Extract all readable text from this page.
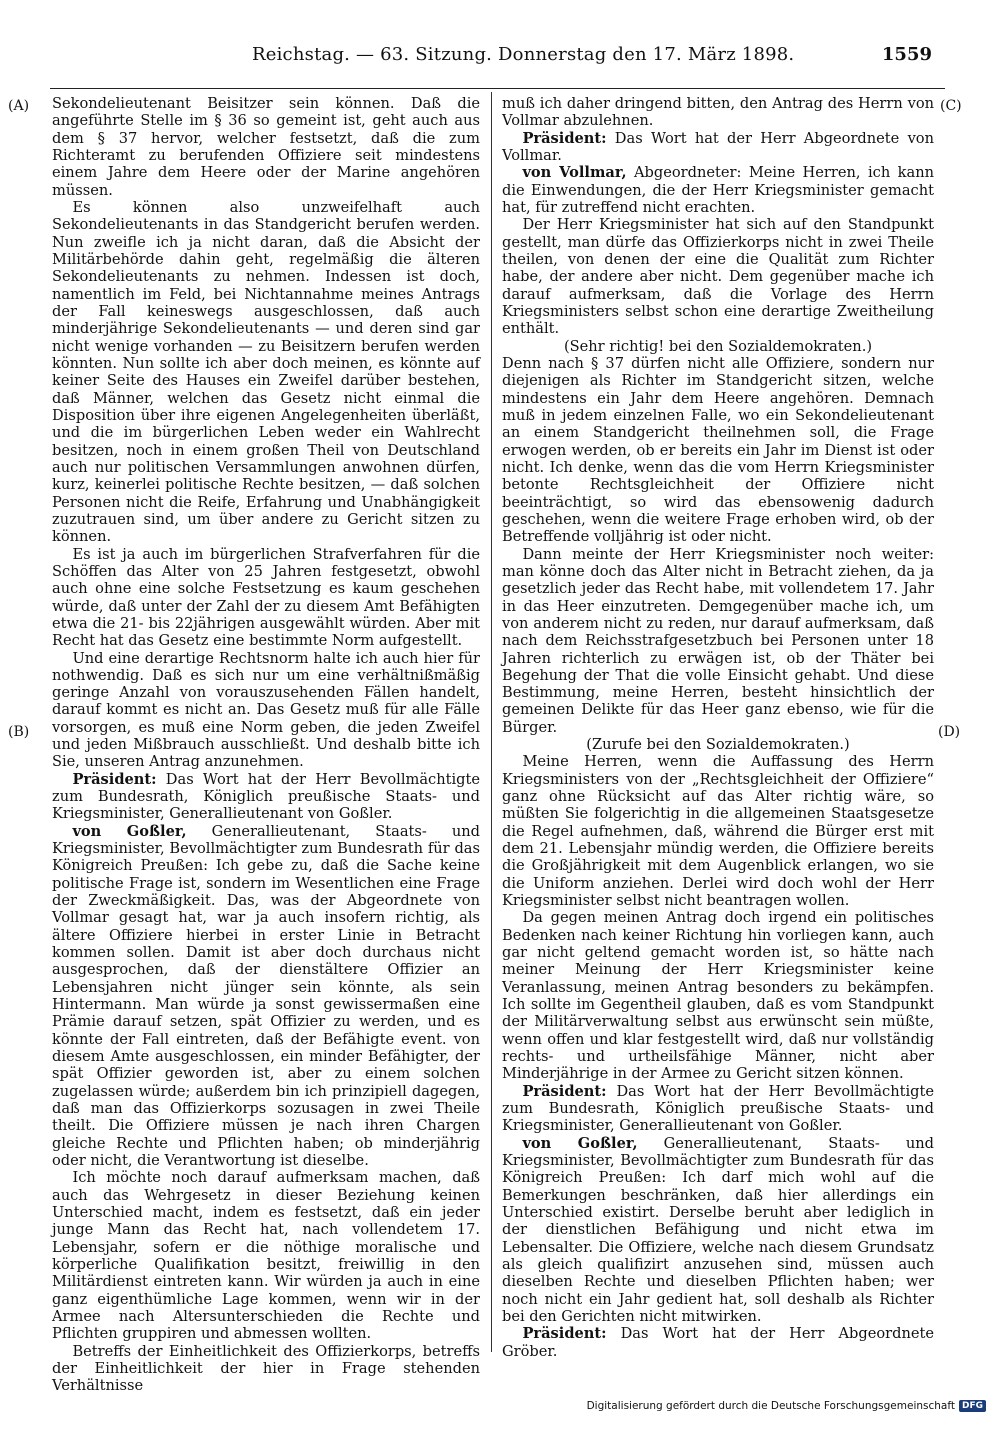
Reichstag. — 63. Sitzung. Donnerstag den 17. März 1898.	1559
(A)
(B)
(C)
(D)

Sekondelieutenant Beisitzer sein können. Daß die angeführte Stelle im § 36 so gemeint ist, geht auch aus dem § 37 hervor, welcher festsetzt, daß die zum Richteramt zu berufenden Offiziere seit mindestens einem Jahre dem Heere oder der Marine angehören müssen.

Es können also unzweifelhaft auch Sekondelieutenants in das Standgericht berufen werden. Nun zweifle ich ja nicht daran, daß die Absicht der Militärbehörde dahin geht, regelmäßig die älteren Sekondelieutenants zu nehmen. Indessen ist doch, namentlich im Feld, bei Nichtannahme meines Antrags der Fall keineswegs ausgeschlossen, daß auch minderjährige Sekondelieutenants — und deren sind gar nicht wenige vorhanden — zu Beisitzern berufen werden könnten. Nun sollte ich aber doch meinen, es könnte auf keiner Seite des Hauses ein Zweifel darüber bestehen, daß Männer, welchen das Gesetz nicht einmal die Disposition über ihre eigenen Angelegenheiten überläßt, und die im bürgerlichen Leben weder ein Wahlrecht besitzen, noch in einem großen Theil von Deutschland auch nur politischen Versammlungen anwohnen dürfen, kurz, keinerlei politische Rechte besitzen, — daß solchen Personen nicht die Reife, Erfahrung und Unabhängigkeit zuzutrauen sind, um über andere zu Gericht sitzen zu können.

Es ist ja auch im bürgerlichen Strafverfahren für die Schöffen das Alter von 25 Jahren festgesetzt, obwohl auch ohne eine solche Festsetzung es kaum geschehen würde, daß unter der Zahl der zu diesem Amt Befähigten etwa die 21- bis 22jährigen ausgewählt würden. Aber mit Recht hat das Gesetz eine bestimmte Norm aufgestellt.

Und eine derartige Rechtsnorm halte ich auch hier für nothwendig. Daß es sich nur um eine verhältnißmäßig geringe Anzahl von vorauszusehenden Fällen handelt, darauf kommt es nicht an. Das Gesetz muß für alle Fälle vorsorgen, es muß eine Norm geben, die jeden Zweifel und jeden Mißbrauch ausschließt. Und deshalb bitte ich Sie, unseren Antrag anzunehmen.

Präsident: Das Wort hat der Herr Bevollmächtigte zum Bundesrath, Königlich preußische Staats- und Kriegsminister, Generallieutenant von Goßler.

von Goßler, Generallieutenant, Staats- und Kriegsminister, Bevollmächtigter zum Bundesrath für das Königreich Preußen: Ich gebe zu, daß die Sache keine politische Frage ist, sondern im Wesentlichen eine Frage der Zweckmäßigkeit. Das, was der Abgeordnete von Vollmar gesagt hat, war ja auch insofern richtig, als ältere Offiziere hierbei in erster Linie in Betracht kommen sollen. Damit ist aber doch durchaus nicht ausgesprochen, daß der dienstältere Offizier an Lebensjahren nicht jünger sein könnte, als sein Hintermann. Man würde ja sonst gewissermaßen eine Prämie darauf setzen, spät Offizier zu werden, und es könnte der Fall eintreten, daß der Befähigte event. von diesem Amte ausgeschlossen, ein minder Befähigter, der spät Offizier geworden ist, aber zu einem solchen zugelassen würde; außerdem bin ich prinzipiell dagegen, daß man das Offizierkorps sozusagen in zwei Theile theilt. Die Offiziere müssen je nach ihren Chargen gleiche Rechte und Pflichten haben; ob minderjährig oder nicht, die Verantwortung ist dieselbe.

Ich möchte noch darauf aufmerksam machen, daß auch das Wehrgesetz in dieser Beziehung keinen Unterschied macht, indem es festsetzt, daß ein jeder junge Mann das Recht hat, nach vollendetem 17. Lebensjahr, sofern er die nöthige moralische und körperliche Qualifikation besitzt, freiwillig in den Militärdienst eintreten kann. Wir würden ja auch in eine ganz eigenthümliche Lage kommen, wenn wir in der Armee nach Altersunterschieden die Rechte und Pflichten gruppiren und abmessen wollten.

Betreffs der Einheitlichkeit des Offizierkorps, betreffs der Einheitlichkeit der hier in Frage stehenden Verhältnisse

muß ich daher dringend bitten, den Antrag des Herrn von Vollmar abzulehnen.

Präsident: Das Wort hat der Herr Abgeordnete von Vollmar.

von Vollmar, Abgeordneter: Meine Herren, ich kann die Einwendungen, die der Herr Kriegsminister gemacht hat, für zutreffend nicht erachten.

Der Herr Kriegsminister hat sich auf den Standpunkt gestellt, man dürfe das Offizierkorps nicht in zwei Theile theilen, von denen der eine die Qualität zum Richter habe, der andere aber nicht. Dem gegenüber mache ich darauf aufmerksam, daß die Vorlage des Herrn Kriegsministers selbst schon eine derartige Zweitheilung enthält.

(Sehr richtig! bei den Sozialdemokraten.)

Denn nach § 37 dürfen nicht alle Offiziere, sondern nur diejenigen als Richter im Standgericht sitzen, welche mindestens ein Jahr dem Heere angehören. Demnach muß in jedem einzelnen Falle, wo ein Sekondelieutenant an einem Standgericht theilnehmen soll, die Frage erwogen werden, ob er bereits ein Jahr im Dienst ist oder nicht. Ich denke, wenn das die vom Herrn Kriegsminister betonte Rechtsgleichheit der Offiziere nicht beeinträchtigt, so wird das ebensowenig dadurch geschehen, wenn die weitere Frage erhoben wird, ob der Betreffende volljährig ist oder nicht.

Dann meinte der Herr Kriegsminister noch weiter: man könne doch das Alter nicht in Betracht ziehen, da ja gesetzlich jeder das Recht habe, mit vollendetem 17. Jahr in das Heer einzutreten. Demgegenüber mache ich, um von anderem nicht zu reden, nur darauf aufmerksam, daß nach dem Reichsstrafgesetzbuch bei Personen unter 18 Jahren richterlich zu erwägen ist, ob der Thäter bei Begehung der That die volle Einsicht gehabt. Und diese Bestimmung, meine Herren, besteht hinsichtlich der gemeinen Delikte für das Heer ganz ebenso, wie für die Bürger.

(Zurufe bei den Sozialdemokraten.)

Meine Herren, wenn die Auffassung des Herrn Kriegsministers von der „Rechtsgleichheit der Offiziere“ ganz ohne Rücksicht auf das Alter richtig wäre, so müßten Sie folgerichtig in die allgemeinen Staatsgesetze die Regel aufnehmen, daß, während die Bürger erst mit dem 21. Lebensjahr mündig werden, die Offiziere bereits die Großjährigkeit mit dem Augenblick erlangen, wo sie die Uniform anziehen. Derlei wird doch wohl der Herr Kriegsminister selbst nicht beantragen wollen.

Da gegen meinen Antrag doch irgend ein politisches Bedenken nach keiner Richtung hin vorliegen kann, auch gar nicht geltend gemacht worden ist, so hätte nach meiner Meinung der Herr Kriegsminister keine Veranlassung, meinen Antrag besonders zu bekämpfen. Ich sollte im Gegentheil glauben, daß es vom Standpunkt der Militärverwaltung selbst aus erwünscht sein müßte, wenn offen und klar festgestellt wird, daß nur vollständig rechts- und urtheilsfähige Männer, nicht aber Minderjährige in der Armee zu Gericht sitzen können.

Präsident: Das Wort hat der Herr Bevollmächtigte zum Bundesrath, Königlich preußische Staats- und Kriegsminister, Generallieutenant von Goßler.

von Goßler, Generallieutenant, Staats- und Kriegsminister, Bevollmächtigter zum Bundesrath für das Königreich Preußen: Ich darf mich wohl auf die Bemerkungen beschränken, daß hier allerdings ein Unterschied existirt. Derselbe beruht aber lediglich in der dienstlichen Befähigung und nicht etwa im Lebensalter. Die Offiziere, welche nach diesem Grundsatz als gleich qualifizirt anzusehen sind, müssen auch dieselben Rechte und dieselben Pflichten haben; wer noch nicht ein Jahr gedient hat, soll deshalb als Richter bei den Gerichten nicht mitwirken.

Präsident: Das Wort hat der Herr Abgeordnete Gröber.

Digitalisierung gefördert durch die Deutsche Forschungsgemeinschaft DFG
